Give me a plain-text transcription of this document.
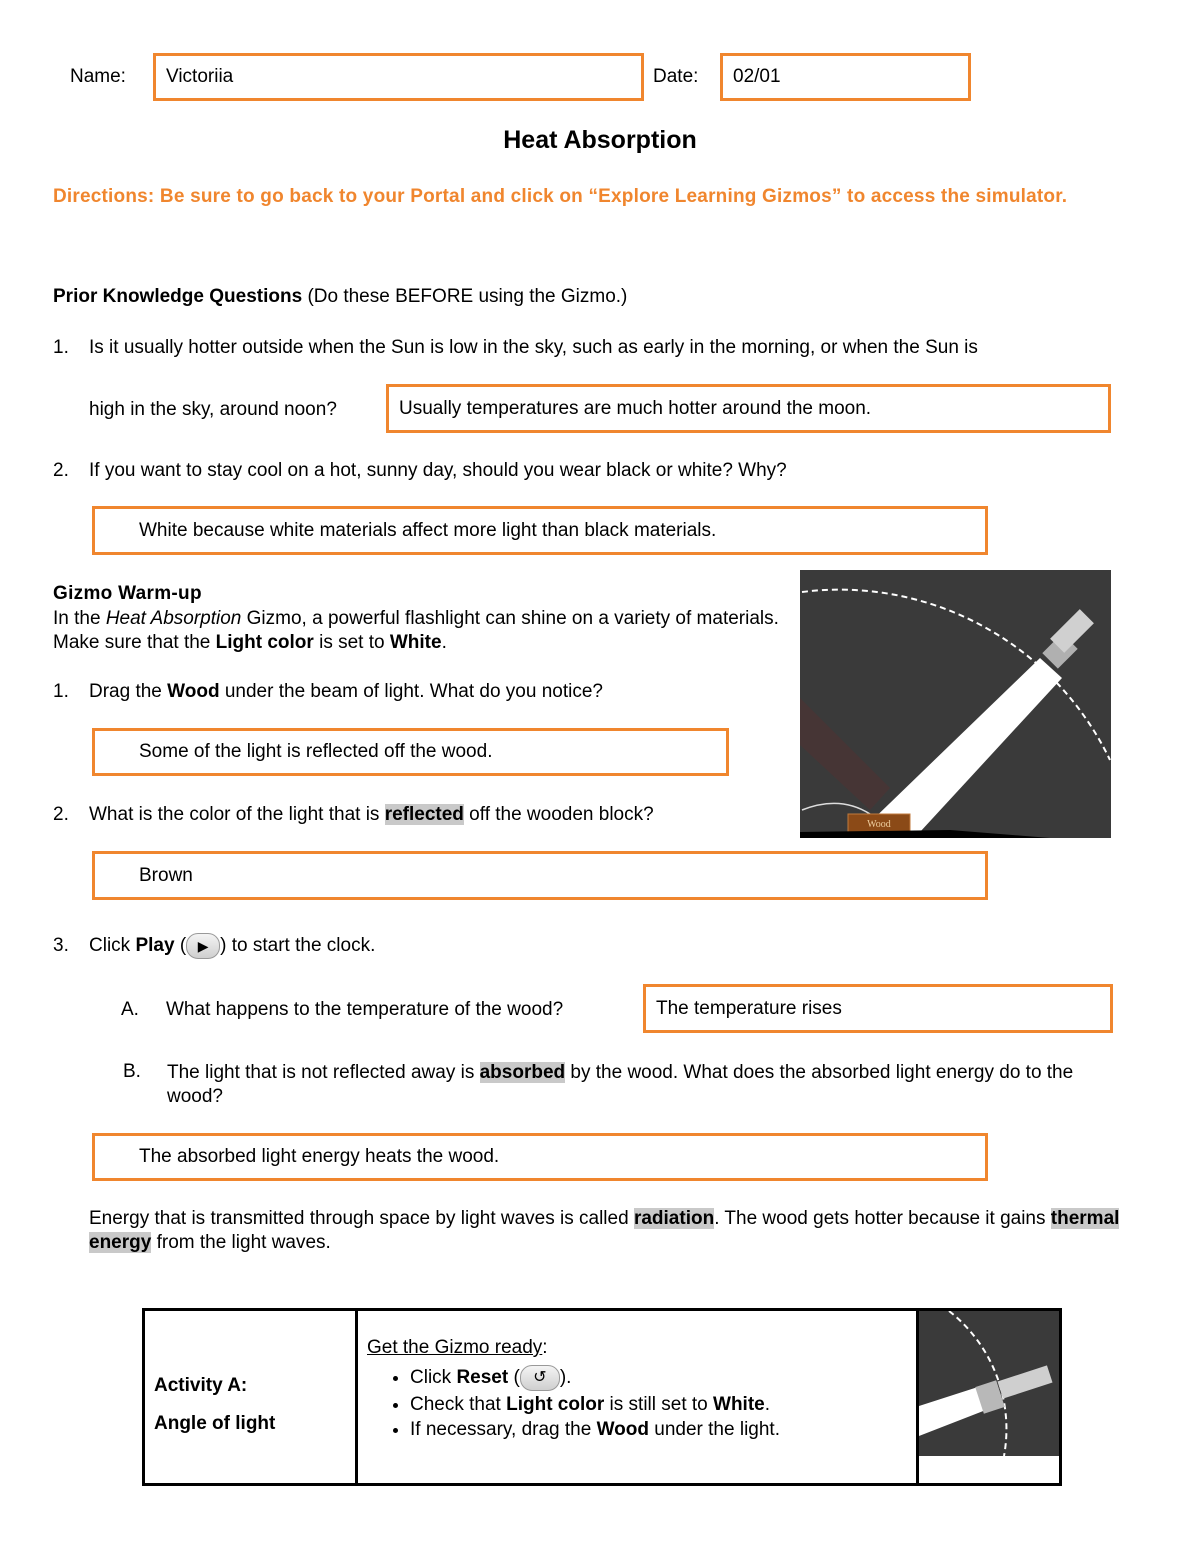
Name: Victoriia	Date: 02/01
Heat Absorption
Directions: Be sure to go back to your Portal and click on “Explore Learning Gizmos” to access the simulator.
Prior Knowledge Questions (Do these BEFORE using the Gizmo.)
1. Is it usually hotter outside when the Sun is low in the sky, such as early in the morning, or when the Sun is
high in the sky, around noon?	Usually temperatures are much hotter around the moon.
2. If you want to stay cool on a hot, sunny day, should you wear black or white? Why?
White because white materials affect more light than black materials.
Gizmo Warm-up
In the Heat Absorption Gizmo, a powerful flashlight can shine on a variety of materials. Make sure that the Light color is set to White.
Wood
1. Drag the Wood under the beam of light. What do you notice?
Some of the light is reflected off the wood.
2. What is the color of the light that is reflected off the wooden block?
Brown
3. Click Play ( ▶ ) to start the clock.
A. What happens to the temperature of the wood?	The temperature rises
B. The light that is not reflected away is absorbed by the wood. What does the absorbed light energy do to the wood?
The absorbed light energy heats the wood.
Energy that is transmitted through space by light waves is called radiation. The wood gets hotter because it gains thermal energy from the light waves.
Activity A:
Angle of light

Get the Gizmo ready:
• Click Reset ( ↺ ).
• Check that Light color is still set to White.
• If necessary, drag the Wood under the light.
